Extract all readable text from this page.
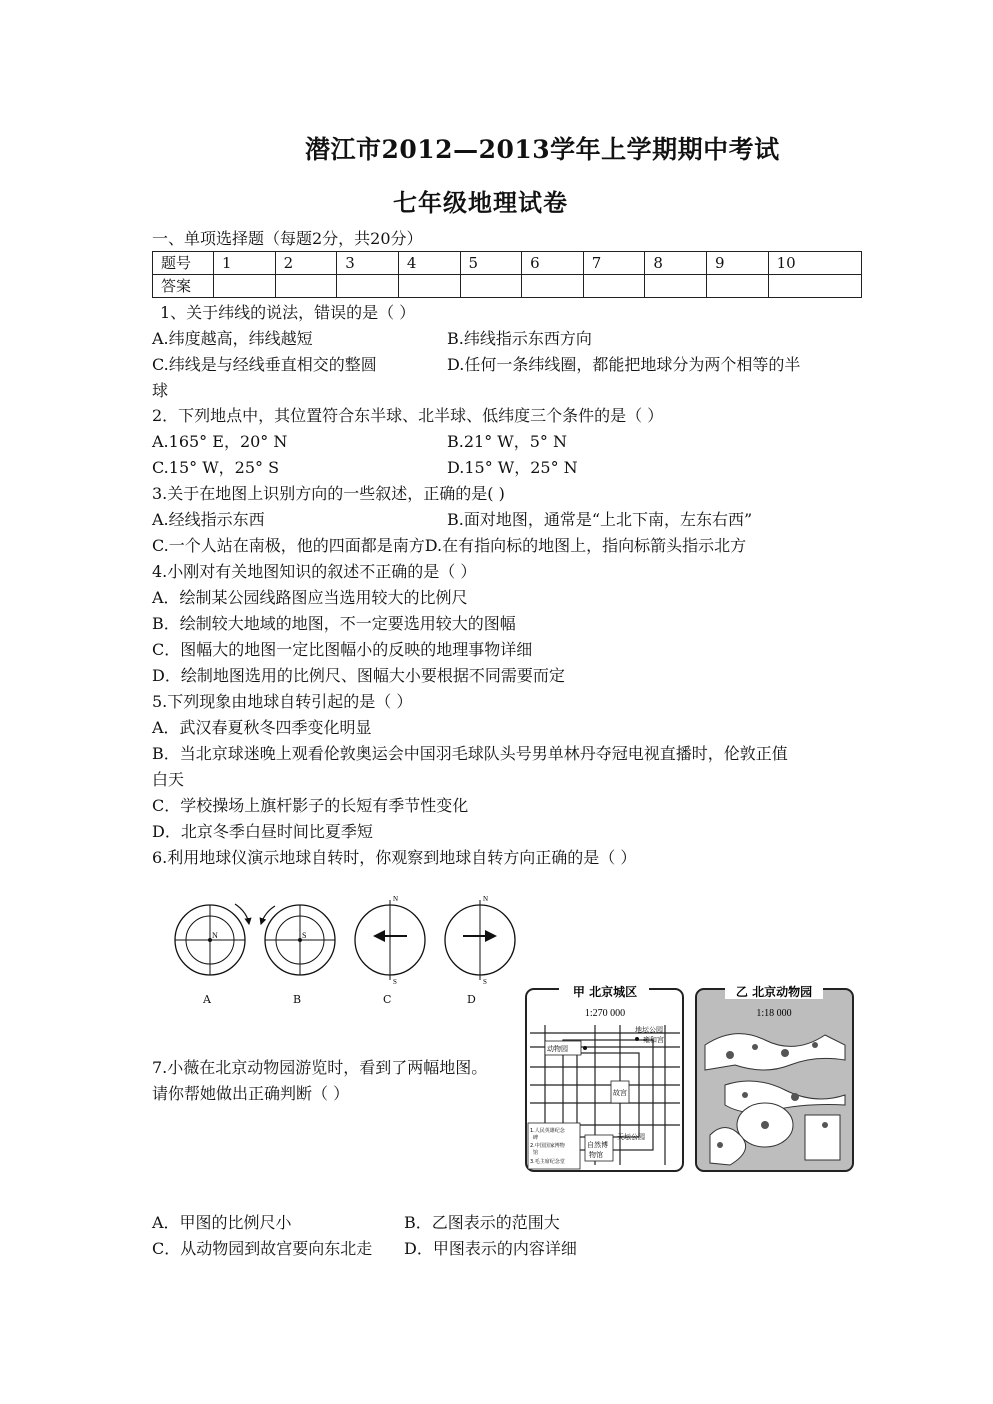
潜江市2012—2013学年上学期期中考试
七年级地理试卷
一、单项选择题（每题2分，共20分）
题号	1	2	3	4	5	6	7	8	9	10
答案										
1、关于纬线的说法，错误的是（ ）
A.纬度越高，纬线越短	B.纬线指示东西方向
C.纬线是与经线垂直相交的整圆	D.任何一条纬线圈，都能把地球分为两个相等的半
球
2．下列地点中，其位置符合东半球、北半球、低纬度三个条件的是（ ）
A.165° E，20° N	B.21° W，5° N
C.15° W，25° S	D.15° W，25° N
3.关于在地图上识别方向的一些叙述，正确的是( )
A.经线指示东西	B.面对地图，通常是“上北下南，左东右西”
C.一个人站在南极，他的四面都是南方D.在有指向标的地图上，指向标箭头指示北方
4.小刚对有关地图知识的叙述不正确的是（ ）
A．绘制某公园线路图应当选用较大的比例尺
B．绘制较大地域的地图，不一定要选用较大的图幅
C．图幅大的地图一定比图幅小的反映的地理事物详细
D．绘制地图选用的比例尺、图幅大小要根据不同需要而定
5.下列现象由地球自转引起的是（ ）
A．武汉春夏秋冬四季变化明显
B．当北京球迷晚上观看伦敦奥运会中国羽毛球队头号男单林丹夺冠电视直播时，伦敦正值
白天
C．学校操场上旗杆影子的长短有季节性变化
D．北京冬季白昼时间比夏季短
6.利用地球仪演示地球自转时，你观察到地球自转方向正确的是（ ）
N	S
N
S
N
S
A	B	C	D
7.小薇在北京动物园游览时，看到了两幅地图。
请你帮她做出正确判断（ ）
甲 北京城区
1:270 000
动物园
地坛公园
雍和宫
故宫
1.人民英雄纪念
碑
2.中国国家博物
馆
3.毛主席纪念堂
天坛公园
自然博
物馆
乙 北京动物园
1:18 000
A．甲图的比例尺小	B．乙图表示的范围大
C．从动物园到故宫要向东北走 D．甲图表示的内容详细
